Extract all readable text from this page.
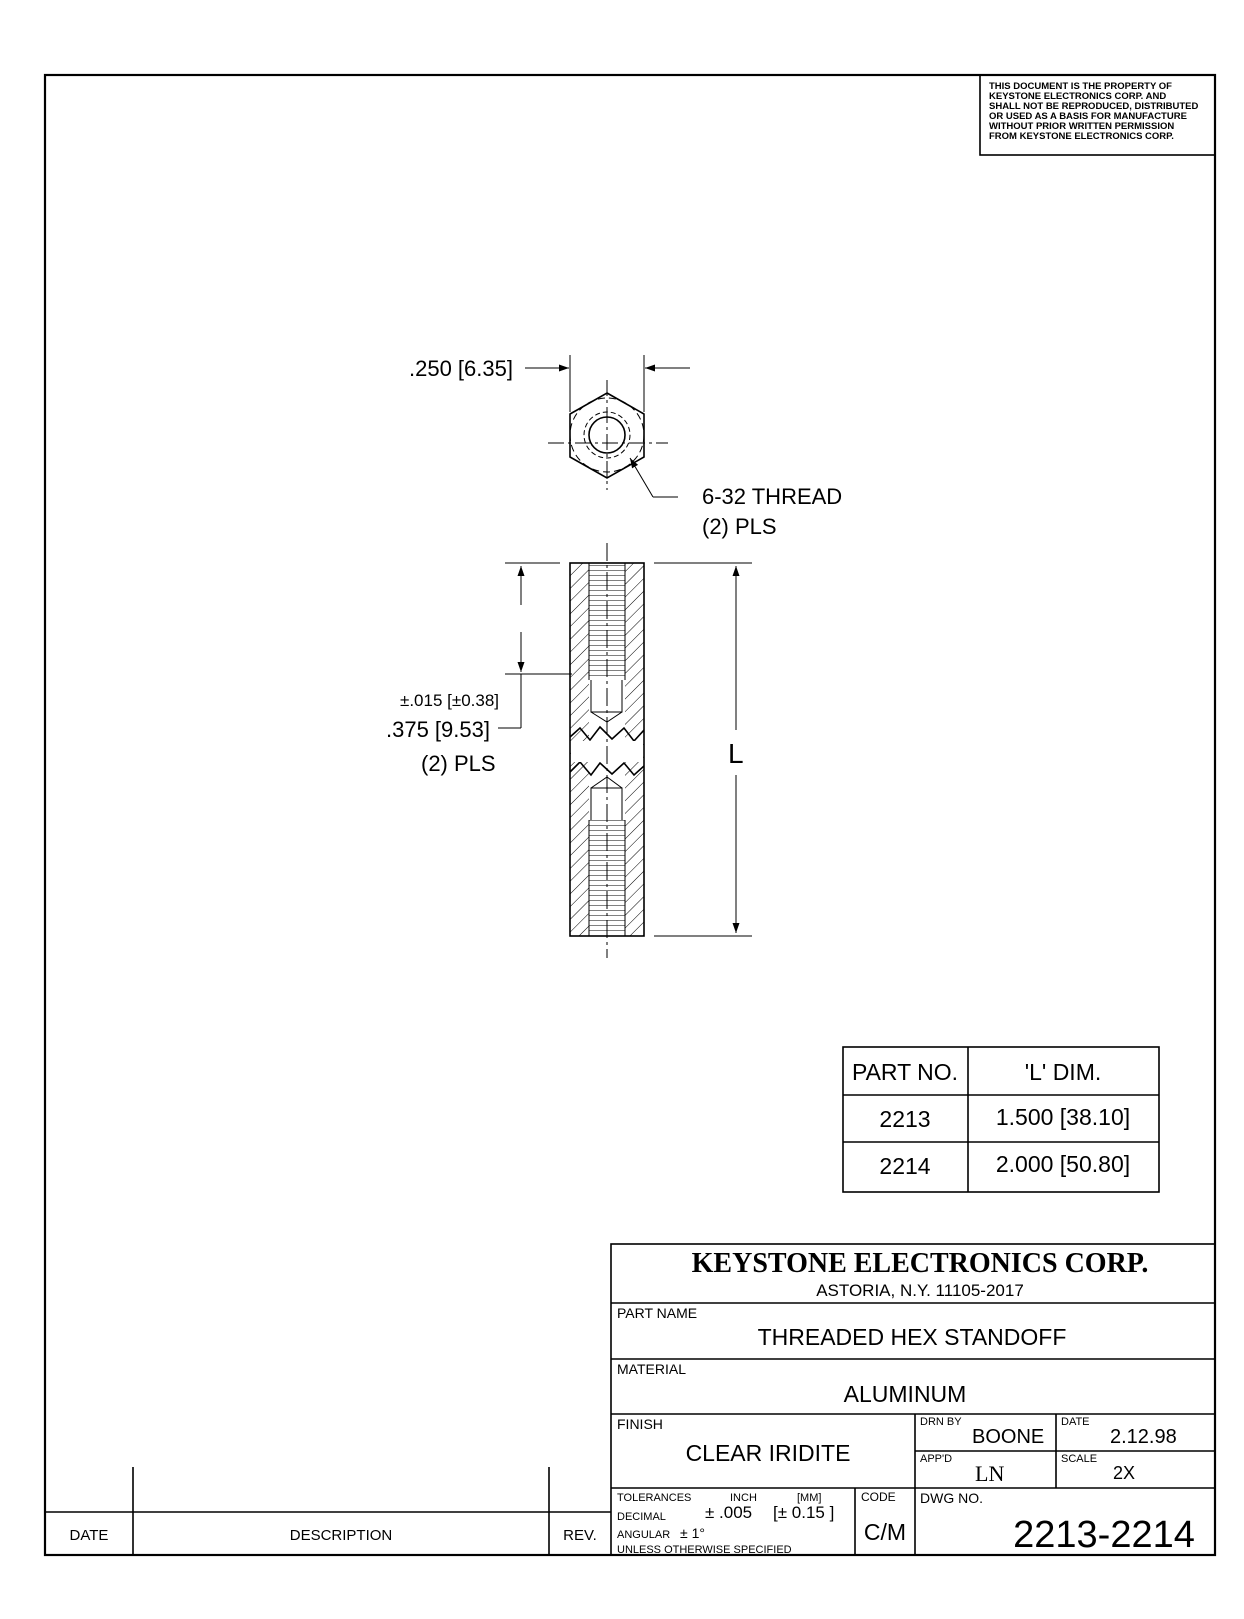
THIS DOCUMENT IS THE PROPERTY OF
KEYSTONE ELECTRONICS CORP. AND
SHALL NOT BE REPRODUCED, DISTRIBUTED
OR USED AS A BASIS FOR MANUFACTURE
WITHOUT PRIOR WRITTEN PERMISSION
FROM KEYSTONE ELECTRONICS CORP.
.250 [6.35]
6-32 THREAD
(2) PLS
±.015 [±0.38]
.375 [9.53]
(2) PLS	L
PART NO.	'L' DIM.
2213	1.500 [38.10]
2214	2.000 [50.80]
KEYSTONE ELECTRONICS CORP.
ASTORIA, N.Y. 11105-2017
PART NAME
THREADED HEX STANDOFF
MATERIAL
ALUMINUM
FINISH
CLEAR IRIDITE
DRN BY
BOONE
DATE
2.12.98
APP'D
LN
SCALE
2X
TOLERANCES	INCH	[MM]	CODE
DECIMAL ± .005 [± 0.15 ]
ANGULAR ± 1°
UNLESS OTHERWISE SPECIFIED
C/M
DWG NO.
2213-2214
DATE	DESCRIPTION	REV.
